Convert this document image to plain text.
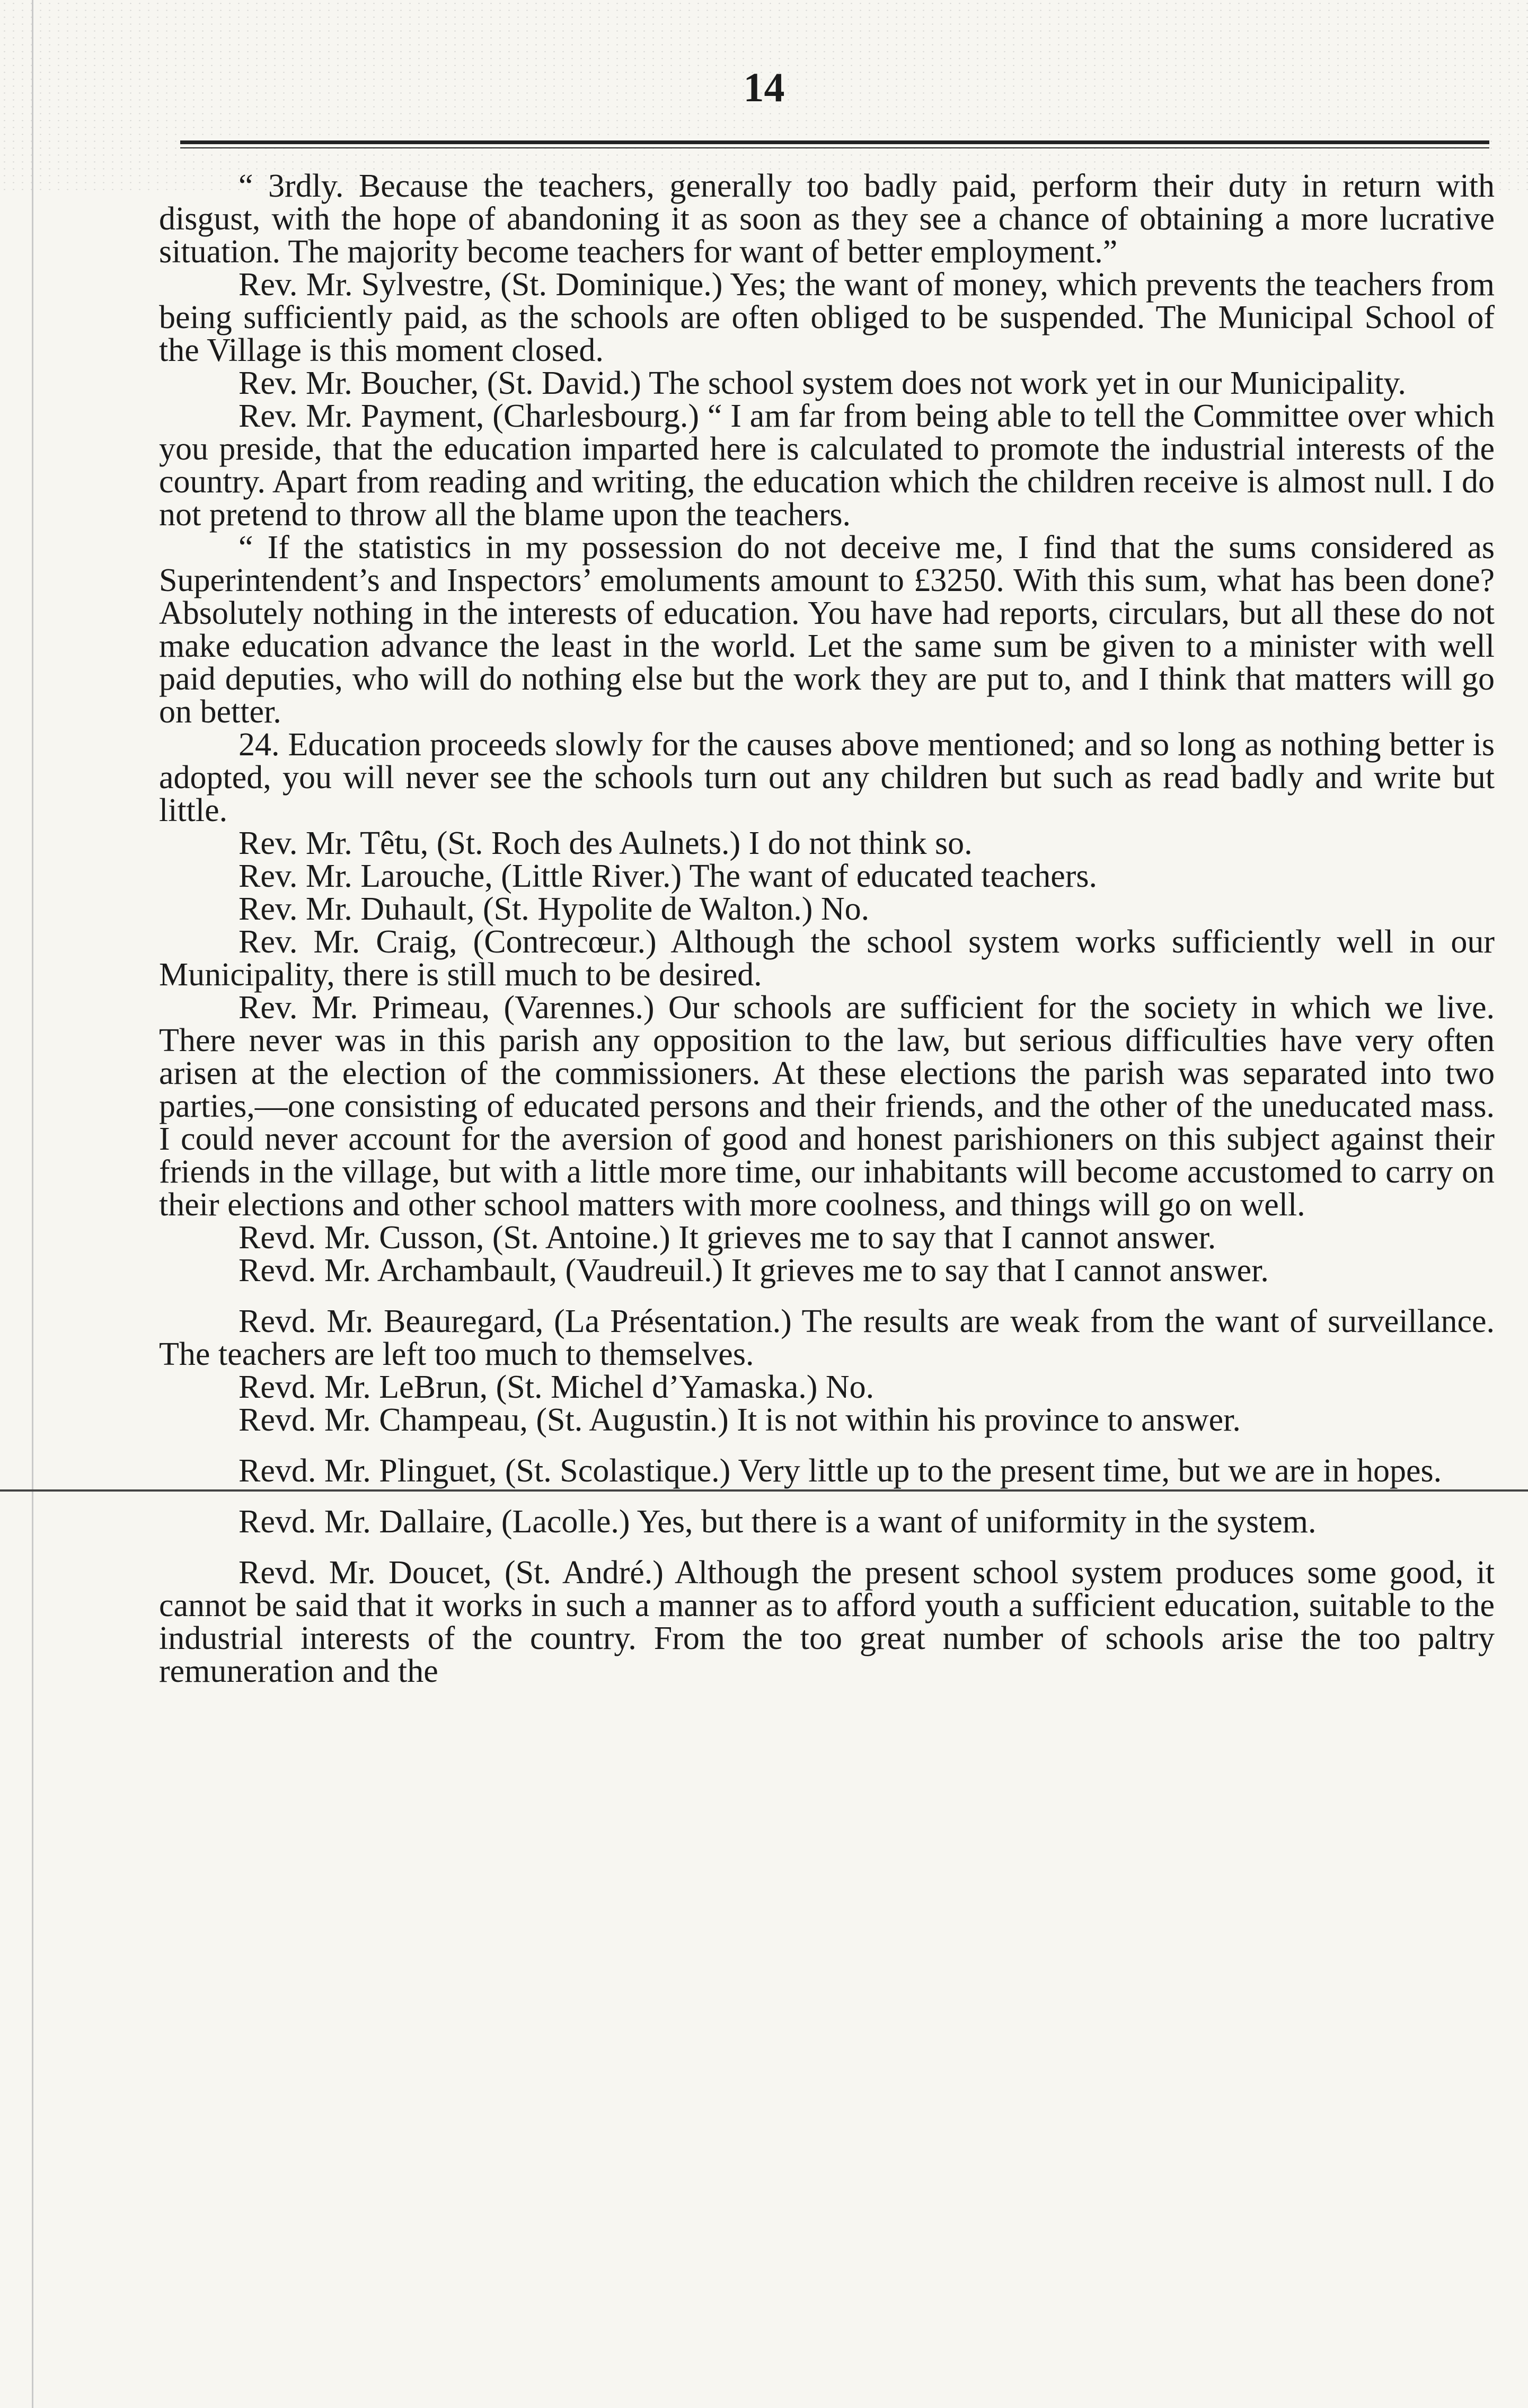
14

“ 3rdly. Because the teachers, generally too badly paid, perform their duty in return with disgust, with the hope of abandoning it as soon as they see a chance of obtaining a more lucrative situation. The majority become teachers for want of better employment.”

Rev. Mr. Sylvestre, (St. Dominique.) Yes; the want of money, which prevents the teachers from being sufficiently paid, as the schools are often obliged to be suspended. The Municipal School of the Village is this moment closed.

Rev. Mr. Boucher, (St. David.) The school system does not work yet in our Municipality.

Rev. Mr. Payment, (Charlesbourg.) “ I am far from being able to tell the Committee over which you preside, that the education imparted here is calculated to promote the industrial interests of the country. Apart from reading and writing, the education which the children receive is almost null. I do not pretend to throw all the blame upon the teachers.

“ If the statistics in my possession do not deceive me, I find that the sums considered as Superintendent’s and Inspectors’ emoluments amount to £3250. With this sum, what has been done? Absolutely nothing in the interests of education. You have had reports, circulars, but all these do not make education advance the least in the world. Let the same sum be given to a minister with well paid deputies, who will do nothing else but the work they are put to, and I think that matters will go on better.

24. Education proceeds slowly for the causes above mentioned; and so long as nothing better is adopted, you will never see the schools turn out any children but such as read badly and write but little.

Rev. Mr. Têtu, (St. Roch des Aulnets.) I do not think so.

Rev. Mr. Larouche, (Little River.) The want of educated teachers.

Rev. Mr. Duhault, (St. Hypolite de Walton.) No.

Rev. Mr. Craig, (Contrecœur.) Although the school system works sufficiently well in our Municipality, there is still much to be desired.

Rev. Mr. Primeau, (Varennes.) Our schools are sufficient for the society in which we live. There never was in this parish any opposition to the law, but serious difficulties have very often arisen at the election of the commissioners. At these elections the parish was separated into two parties,—one consisting of educated persons and their friends, and the other of the uneducated mass. I could never account for the aversion of good and honest parishioners on this subject against their friends in the village, but with a little more time, our inhabitants will become accustomed to carry on their elections and other school matters with more coolness, and things will go on well.

Revd. Mr. Cusson, (St. Antoine.) It grieves me to say that I cannot answer.

Revd. Mr. Archambault, (Vaudreuil.) It grieves me to say that I cannot answer.

Revd. Mr. Beauregard, (La Présentation.) The results are weak from the want of surveillance. The teachers are left too much to themselves.

Revd. Mr. LeBrun, (St. Michel d’Yamaska.) No.

Revd. Mr. Champeau, (St. Augustin.) It is not within his province to answer.

Revd. Mr. Plinguet, (St. Scolastique.) Very little up to the present time, but we are in hopes.

Revd. Mr. Dallaire, (Lacolle.) Yes, but there is a want of uniformity in the system.

Revd. Mr. Doucet, (St. André.) Although the present school system produces some good, it cannot be said that it works in such a manner as to afford youth a sufficient education, suitable to the industrial interests of the country. From the too great number of schools arise the too paltry remuneration and the
